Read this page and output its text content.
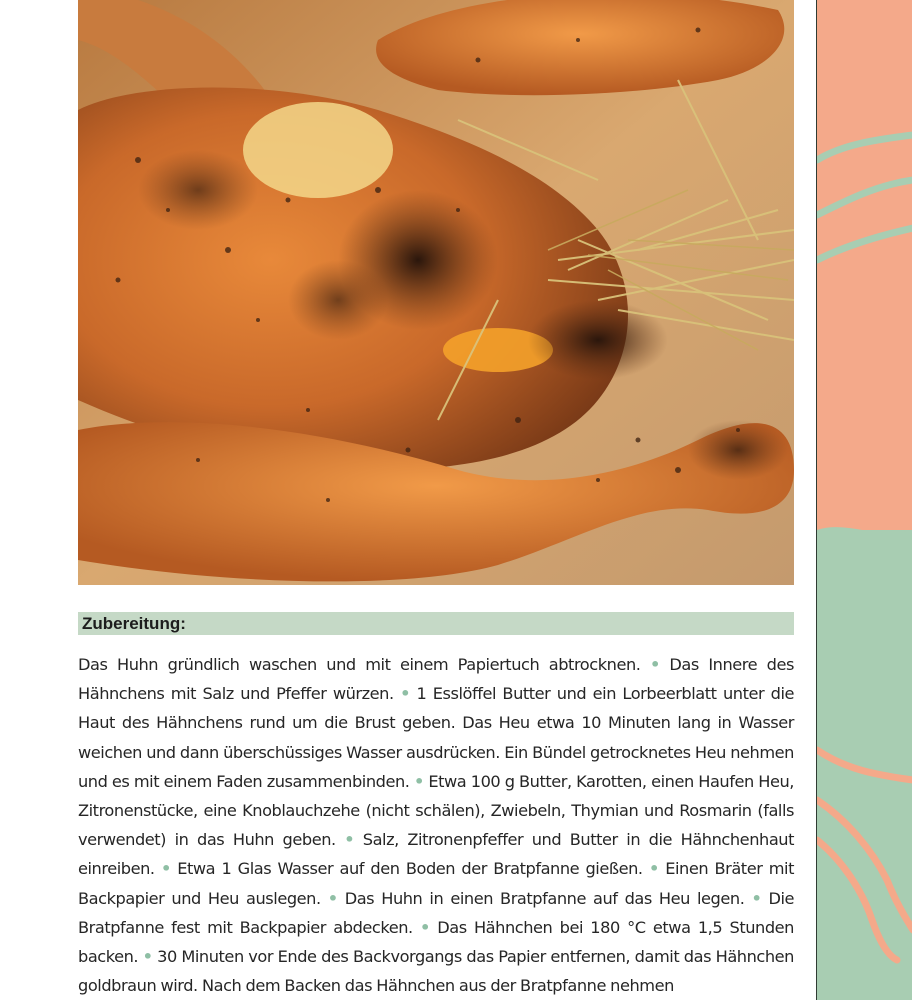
Zubereitung:

Das Huhn gründlich waschen und mit einem Papiertuch abtrocknen. • Das Innere des Hähnchens mit Salz und Pfeffer würzen. • 1 Esslöffel Butter und ein Lorbeerblatt unter die Haut des Hähnchens rund um die Brust geben. Das Heu etwa 10 Minuten lang in Wasser weichen und dann überschüssiges Wasser ausdrücken. Ein Bündel getrocknetes Heu nehmen und es mit einem Faden zusammenbinden. • Etwa 100 g Butter, Karotten, einen Haufen Heu, Zitronenstücke, eine Knoblauchzehe (nicht schälen), Zwiebeln, Thymian und Rosmarin (falls verwendet) in das Huhn geben. • Salz, Zitronenpfeffer und Butter in die Hähnchenhaut einreiben. • Etwa 1 Glas Wasser auf den Boden der Bratpfanne gießen. • Einen Bräter mit Backpapier und Heu auslegen. • Das Huhn in einen Bratpfanne auf das Heu legen. • Die Bratpfanne fest mit Backpapier abdecken. • Das Hähnchen bei 180 °C etwa 1,5 Stunden backen. • 30 Minuten vor Ende des Backvorgangs das Papier entfernen, damit das Hähnchen goldbraun wird. Nach dem Backen das Hähnchen aus der Bratpfanne nehmen
